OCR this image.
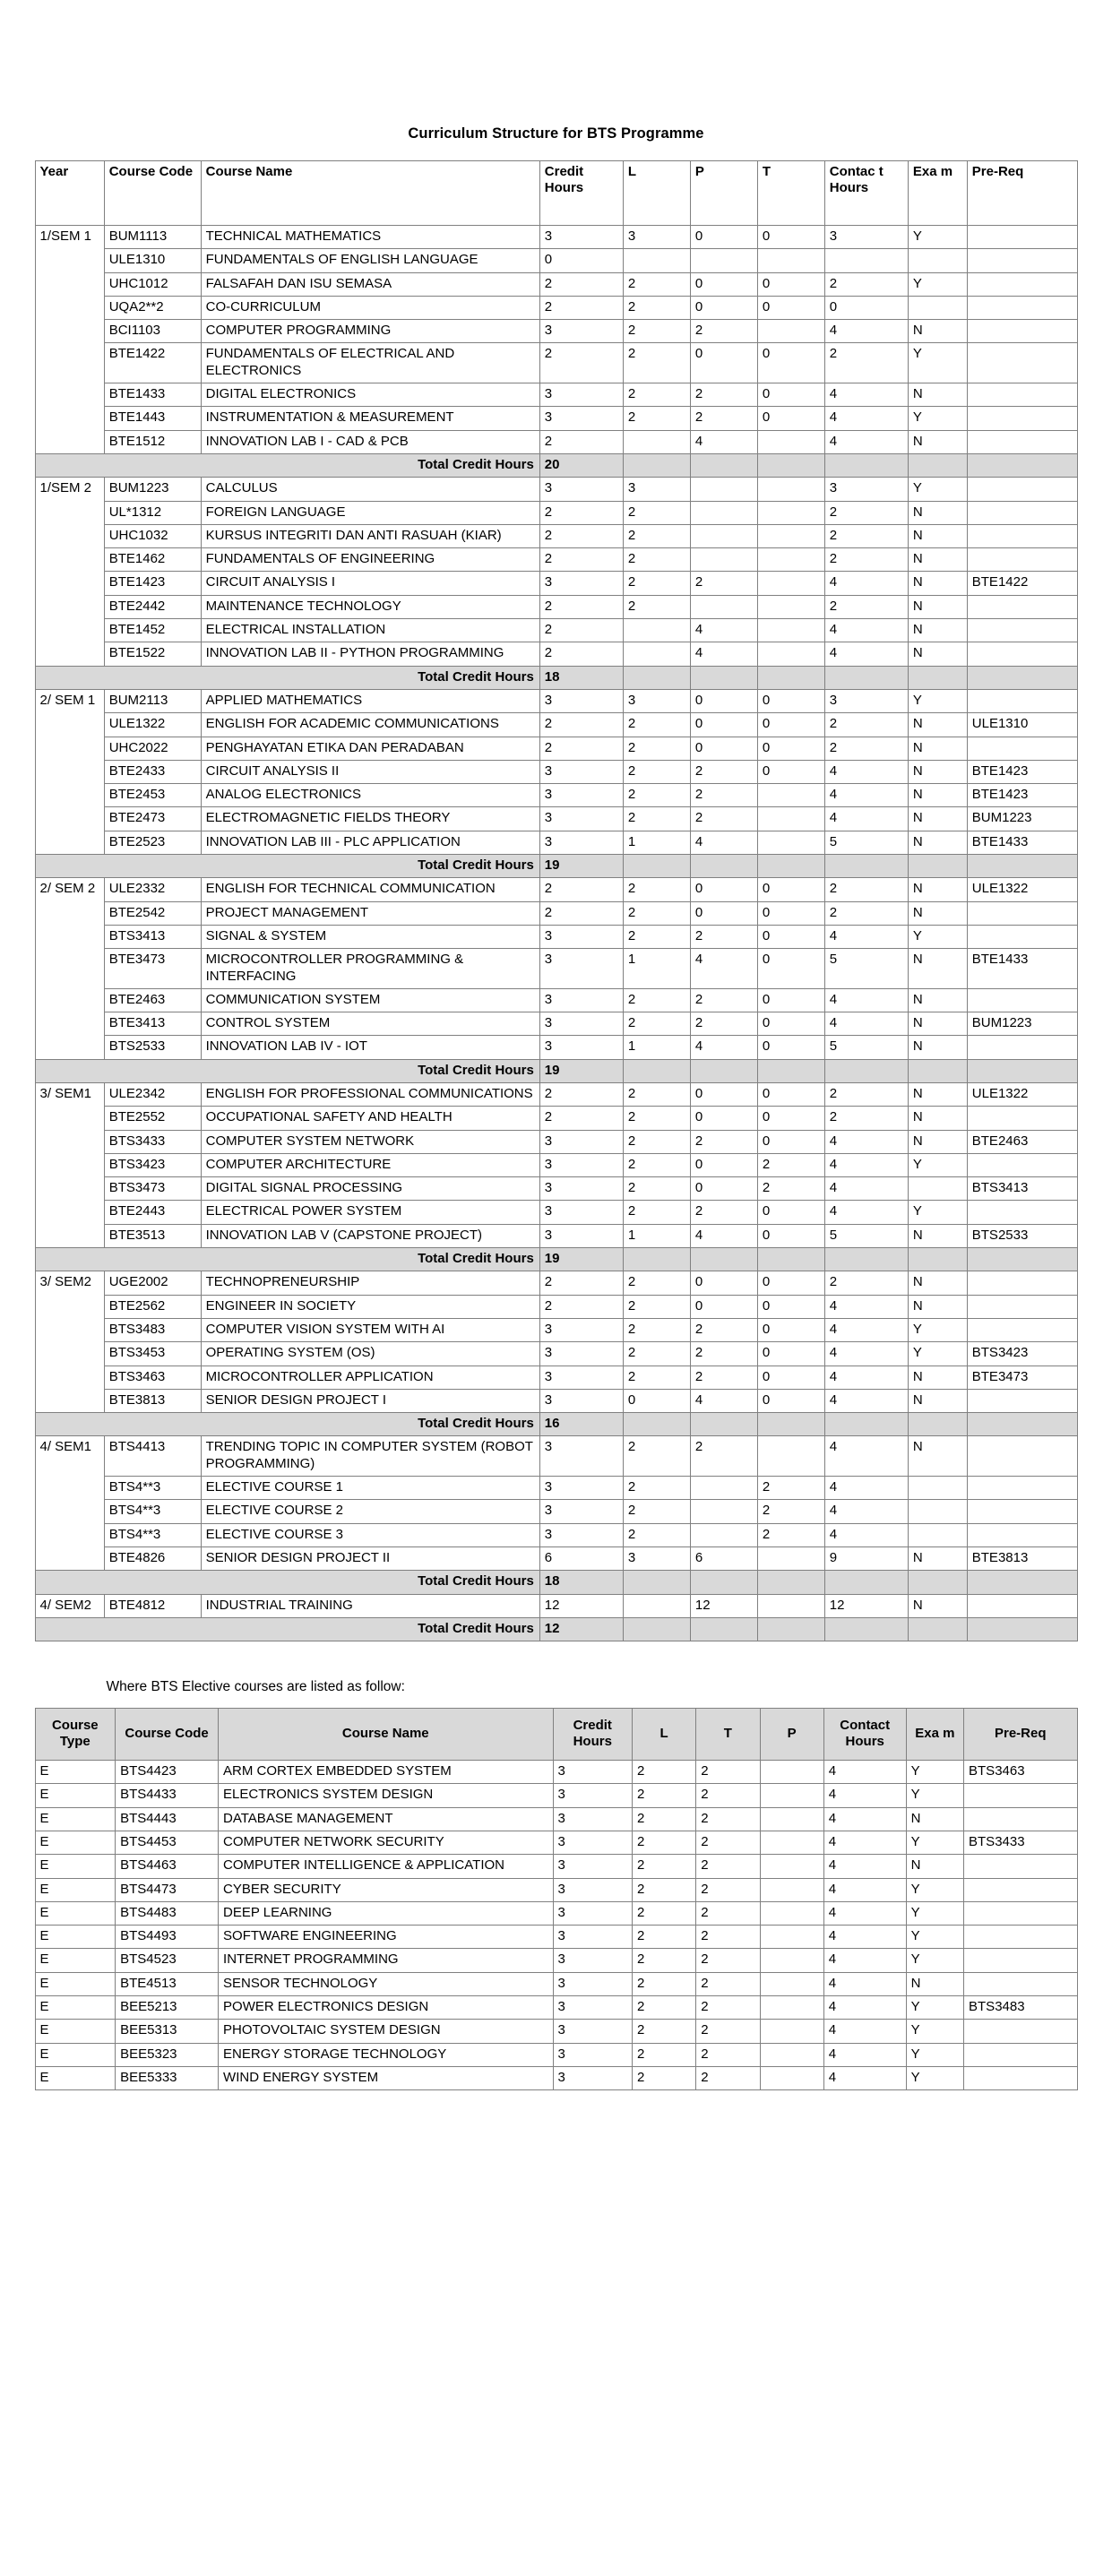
Curriculum Structure for BTS Programme
Year	Course Code	Course Name	Credit Hours	L	P	T	Contac t Hours	Exa m	Pre-Req
1/SEM 1	BUM1113	TECHNICAL MATHEMATICS	3	3	0	0	3	Y	
	ULE1310	FUNDAMENTALS OF ENGLISH LANGUAGE	0						
	UHC1012	FALSAFAH DAN ISU SEMASA	2	2	0	0	2	Y	
	UQA2**2	CO-CURRICULUM	2	2	0	0	0		
	BCI1103	COMPUTER PROGRAMMING	3	2	2		4	N	
	BTE1422	FUNDAMENTALS OF ELECTRICAL AND ELECTRONICS	2	2	0	0	2	Y	
	BTE1433	DIGITAL ELECTRONICS	3	2	2	0	4	N	
	BTE1443	INSTRUMENTATION & MEASUREMENT	3	2	2	0	4	Y	
	BTE1512	INNOVATION LAB I - CAD & PCB	2		4		4	N	
Total Credit Hours			20						
1/SEM 2	BUM1223	CALCULUS	3	3			3	Y	
	UL*1312	FOREIGN LANGUAGE	2	2			2	N	
	UHC1032	KURSUS INTEGRITI DAN ANTI RASUAH (KIAR)	2	2			2	N	
	BTE1462	FUNDAMENTALS OF ENGINEERING	2	2			2	N	
	BTE1423	CIRCUIT ANALYSIS I	3	2	2		4	N	BTE1422
	BTE2442	MAINTENANCE TECHNOLOGY	2	2			2	N	
	BTE1452	ELECTRICAL INSTALLATION	2		4		4	N	
	BTE1522	INNOVATION LAB II - PYTHON PROGRAMMING	2		4		4	N	
Total Credit Hours			18						
2/ SEM 1	BUM2113	APPLIED MATHEMATICS	3	3	0	0	3	Y	
	ULE1322	ENGLISH FOR ACADEMIC COMMUNICATIONS	2	2	0	0	2	N	ULE1310
	UHC2022	PENGHAYATAN ETIKA DAN PERADABAN	2	2	0	0	2	N	
	BTE2433	CIRCUIT ANALYSIS II	3	2	2	0	4	N	BTE1423
	BTE2453	ANALOG ELECTRONICS	3	2	2		4	N	BTE1423
	BTE2473	ELECTROMAGNETIC FIELDS THEORY	3	2	2		4	N	BUM1223
	BTE2523	INNOVATION LAB III - PLC APPLICATION	3	1	4		5	N	BTE1433
Total Credit Hours			19						
2/ SEM 2	ULE2332	ENGLISH FOR TECHNICAL COMMUNICATION	2	2	0	0	2	N	ULE1322
	BTE2542	PROJECT MANAGEMENT	2	2	0	0	2	N	
	BTS3413	SIGNAL & SYSTEM	3	2	2	0	4	Y	
	BTE3473	MICROCONTROLLER PROGRAMMING & INTERFACING	3	1	4	0	5	N	BTE1433
	BTE2463	COMMUNICATION SYSTEM	3	2	2	0	4	N	
	BTE3413	CONTROL SYSTEM	3	2	2	0	4	N	BUM1223
	BTS2533	INNOVATION LAB IV - IOT	3	1	4	0	5	N	
Total Credit Hours			19						
3/ SEM1	ULE2342	ENGLISH FOR PROFESSIONAL COMMUNICATIONS	2	2	0	0	2	N	ULE1322
	BTE2552	OCCUPATIONAL SAFETY AND HEALTH	2	2	0	0	2	N	
	BTS3433	COMPUTER SYSTEM NETWORK	3	2	2	0	4	N	BTE2463
	BTS3423	COMPUTER ARCHITECTURE	3	2	0	2	4	Y	
	BTS3473	DIGITAL SIGNAL PROCESSING	3	2	0	2	4		BTS3413
	BTE2443	ELECTRICAL POWER SYSTEM	3	2	2	0	4	Y	
	BTE3513	INNOVATION LAB V (CAPSTONE PROJECT)	3	1	4	0	5	N	BTS2533
Total Credit Hours			19						
3/ SEM2	UGE2002	TECHNOPRENEURSHIP	2	2	0	0	2	N	
	BTE2562	ENGINEER IN SOCIETY	2	2	0	0	4	N	
	BTS3483	COMPUTER VISION SYSTEM WITH AI	3	2	2	0	4	Y	
	BTS3453	OPERATING SYSTEM (OS)	3	2	2	0	4	Y	BTS3423
	BTS3463	MICROCONTROLLER APPLICATION	3	2	2	0	4	N	BTE3473
	BTE3813	SENIOR DESIGN PROJECT I	3	0	4	0	4	N	
Total Credit Hours			16						
4/ SEM1	BTS4413	TRENDING TOPIC IN COMPUTER SYSTEM (ROBOT PROGRAMMING)	3	2	2		4	N	
	BTS4**3	ELECTIVE COURSE 1	3	2		2	4		
	BTS4**3	ELECTIVE COURSE 2	3	2		2	4		
	BTS4**3	ELECTIVE COURSE 3	3	2		2	4		
	BTE4826	SENIOR DESIGN PROJECT II	6	3	6		9	N	BTE3813
Total Credit Hours			18						
4/ SEM2	BTE4812	INDUSTRIAL TRAINING	12		12		12	N	
Total Credit Hours			12						
Where BTS Elective courses are listed as follow:
Course Type	Course Code	Course Name	Credit Hours	L	T	P	Contact Hours	Exa m	Pre-Req
E	BTS4423	ARM CORTEX EMBEDDED SYSTEM	3	2	2		4	Y	BTS3463
E	BTS4433	ELECTRONICS SYSTEM DESIGN	3	2	2		4	Y	
E	BTS4443	DATABASE MANAGEMENT	3	2	2		4	N	
E	BTS4453	COMPUTER NETWORK SECURITY	3	2	2		4	Y	BTS3433
E	BTS4463	COMPUTER INTELLIGENCE & APPLICATION	3	2	2		4	N	
E	BTS4473	CYBER SECURITY	3	2	2		4	Y	
E	BTS4483	DEEP LEARNING	3	2	2		4	Y	
E	BTS4493	SOFTWARE ENGINEERING	3	2	2		4	Y	
E	BTS4523	INTERNET PROGRAMMING	3	2	2		4	Y	
E	BTE4513	SENSOR TECHNOLOGY	3	2	2		4	N	
E	BEE5213	POWER ELECTRONICS DESIGN	3	2	2		4	Y	BTS3483
E	BEE5313	PHOTOVOLTAIC SYSTEM DESIGN	3	2	2		4	Y	
E	BEE5323	ENERGY STORAGE TECHNOLOGY	3	2	2		4	Y	
E	BEE5333	WIND ENERGY SYSTEM	3	2	2		4	Y	
